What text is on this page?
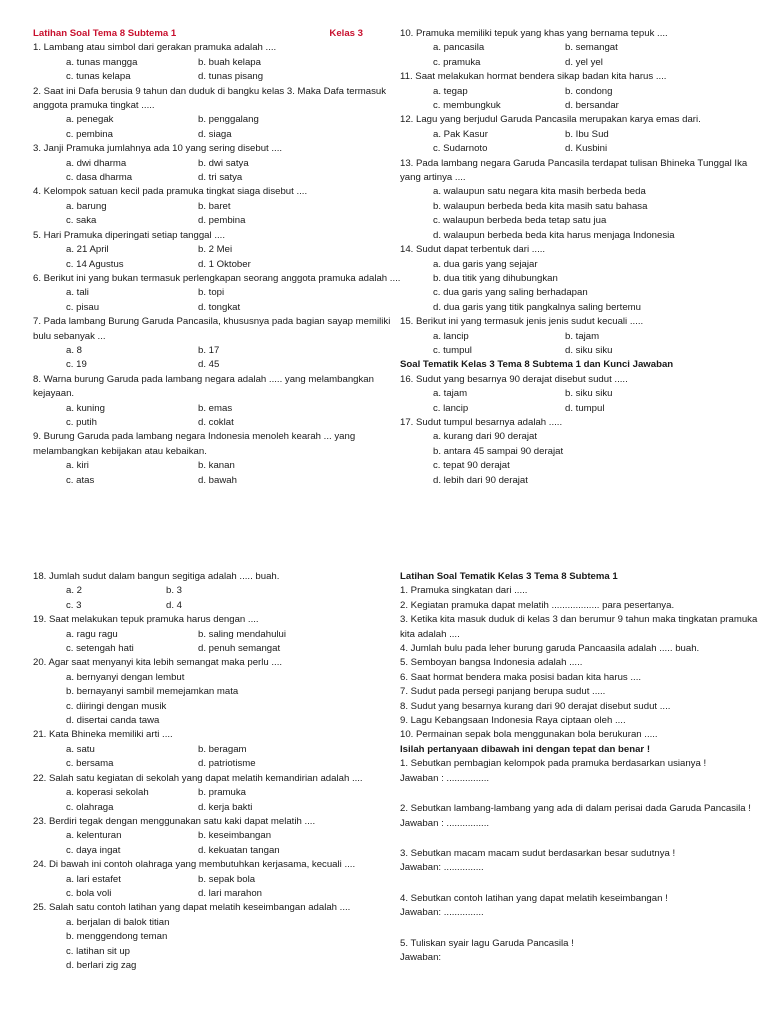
Latihan Soal Tema 8 Subtema 1	Kelas 3
1. Lambang atau simbol dari gerakan pramuka adalah ....
a. tunas mangga	b. buah kelapa
c. tunas kelapa	d. tunas pisang
2. Saat ini Dafa berusia 9 tahun dan duduk di bangku kelas 3. Maka Dafa termasuk anggota pramuka tingkat .....
a. penegak	b. penggalang
c. pembina	d. siaga
3. Janji Pramuka jumlahnya ada 10 yang sering disebut ....
a. dwi dharma	b. dwi satya
c. dasa dharma	d. tri satya
4. Kelompok satuan kecil pada pramuka tingkat siaga disebut ....
a. barung	b. baret
c. saka	d. pembina
5. Hari Pramuka diperingati setiap tanggal ....
a. 21 April	b. 2 Mei
c. 14 Agustus	d. 1 Oktober
6. Berikut ini yang bukan termasuk perlengkapan seorang anggota pramuka adalah ....
a. tali	b. topi
c. pisau	d. tongkat
7. Pada lambang Burung Garuda Pancasila, khususnya pada bagian sayap memiliki bulu sebanyak ...
a. 8	b. 17
c. 19	d. 45
8. Warna burung Garuda pada lambang negara adalah ..... yang melambangkan kejayaan.
a. kuning	b. emas
c. putih	d. coklat
9. Burung Garuda pada lambang negara Indonesia menoleh kearah ... yang melambangkan kebijakan atau kebaikan.
a. kiri	b. kanan
c. atas	d. bawah
10. Pramuka memiliki tepuk yang khas yang bernama tepuk ....
a. pancasila	b. semangat
c. pramuka	d. yel yel
11. Saat melakukan hormat bendera sikap badan kita harus ....
a. tegap	b. condong
c. membungkuk	d. bersandar
12. Lagu yang berjudul Garuda Pancasila merupakan karya emas dari.
a. Pak Kasur	b. Ibu Sud
c. Sudarnoto	d. Kusbini
13. Pada lambang negara Garuda Pancasila terdapat tulisan Bhineka Tunggal Ika yang artinya ....
a. walaupun satu negara kita masih berbeda beda
b. walaupun berbeda beda kita masih satu bahasa
c. walaupun berbeda beda tetap satu jua
d. walaupun berbeda beda kita harus menjaga Indonesia
14. Sudut dapat terbentuk dari .....
a. dua garis yang sejajar
b. dua titik yang dihubungkan
c. dua garis yang saling berhadapan
d. dua garis yang titik pangkalnya saling bertemu
15. Berikut ini yang termasuk jenis jenis sudut kecuali .....
a. lancip	b. tajam
c. tumpul	d. siku siku
Soal Tematik Kelas 3 Tema 8 Subtema 1 dan Kunci Jawaban
16. Sudut yang besarnya 90 derajat disebut sudut .....
a. tajam	b. siku siku
c. lancip	d. tumpul
17. Sudut tumpul besarnya adalah .....
a. kurang dari 90 derajat
b. antara 45 sampai 90 derajat
c. tepat 90 derajat
d. lebih dari 90 derajat
18. Jumlah sudut dalam bangun segitiga adalah ..... buah.
a. 2	b. 3
c. 3	d. 4
19. Saat melakukan tepuk pramuka harus dengan ....
a. ragu ragu	b. saling mendahului
c. setengah hati	d. penuh semangat
20. Agar saat menyanyi kita lebih semangat maka perlu ....
a. bernyanyi dengan lembut
b. bernayanyi sambil memejamkan mata
c. diiringi dengan musik
d. disertai canda tawa
21. Kata Bhineka memiliki arti ....
a. satu	b. beragam
c. bersama	d. patriotisme
22. Salah satu kegiatan di sekolah yang dapat melatih kemandirian adalah ....
a. koperasi sekolah	b. pramuka
c. olahraga	d. kerja bakti
23. Berdiri tegak dengan menggunakan satu kaki dapat melatih ....
a. kelenturan	b. keseimbangan
c. daya ingat	d. kekuatan tangan
24. Di bawah ini contoh olahraga yang membutuhkan kerjasama, kecuali ....
a. lari estafet	b. sepak bola
c. bola voli	d. lari marahon
25. Salah satu contoh latihan yang dapat melatih keseimbangan adalah ....
a. berjalan di balok titian
b. menggendong teman
c. latihan sit up
d. berlari zig zag
Latihan Soal Tematik Kelas 3 Tema 8 Subtema 1
1. Pramuka singkatan dari .....
2. Kegiatan pramuka dapat melatih .................. para pesertanya.
3. Ketika kita masuk duduk di kelas 3 dan berumur 9 tahun maka tingkatan pramuka kita adalah ....
4. Jumlah bulu pada leher burung garuda Pancaasila adalah ..... buah.
5. Semboyan bangsa Indonesia adalah .....
6. Saat hormat bendera maka posisi badan kita harus ....
7. Sudut pada persegi panjang berupa sudut .....
8. Sudut yang besarnya kurang dari 90 derajat disebut sudut ....
9. Lagu Kebangsaan Indonesia Raya ciptaan oleh ....
10. Permainan sepak bola menggunakan bola berukuran .....
Isilah pertanyaan dibawah ini dengan tepat dan benar !
1. Sebutkan pembagian kelompok pada pramuka berdasarkan usianya !
Jawaban : ................
2. Sebutkan lambang-lambang yang ada di dalam perisai dada Garuda Pancasila !
Jawaban : ................
3. Sebutkan macam macam sudut berdasarkan besar sudutnya !
Jawaban: ...............
4. Sebutkan contoh latihan yang dapat melatih keseimbangan !
Jawaban: ...............
5. Tuliskan syair lagu Garuda Pancasila !
Jawaban:
